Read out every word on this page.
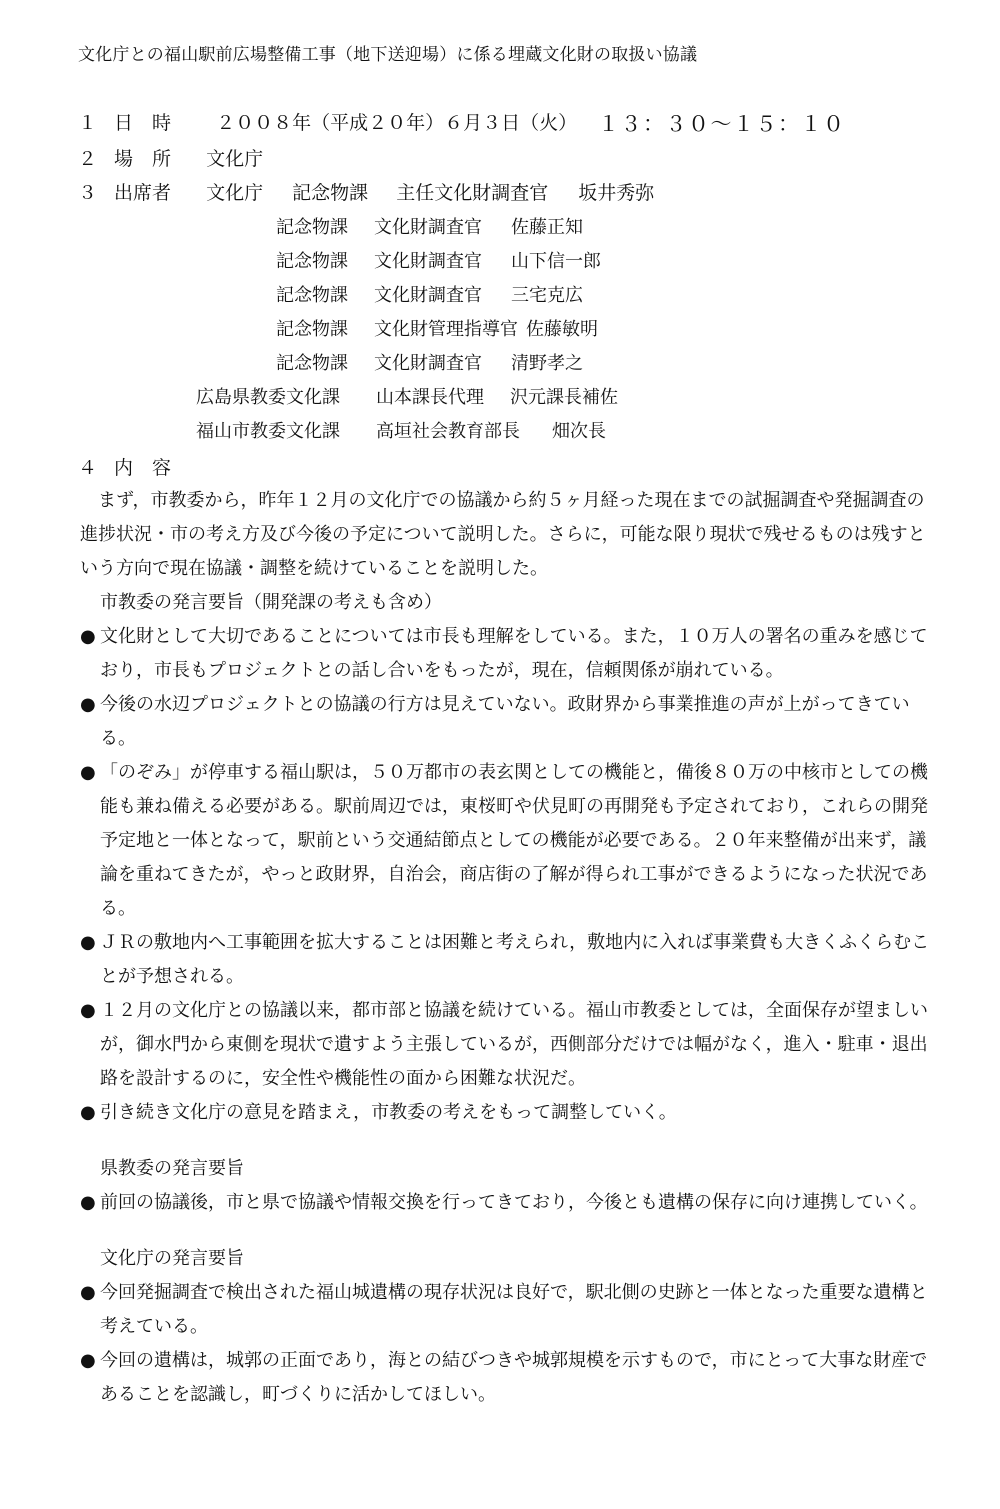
文化庁との福山駅前広場整備工事（地下送迎場）に係る埋蔵文化財の取扱い協議
１ 日　時 ２００８年（平成２０年）６月３日（火） １３：３０～１５：１０
２ 場　所 文化庁
３ 出席者 文化庁 記念物課 主任文化財調査官 坂井秀弥
記念物課 文化財調査官 佐藤正知
記念物課 文化財調査官 山下信一郎
記念物課 文化財調査官 三宅克広
記念物課 文化財管理指導官 佐藤敏明
記念物課 文化財調査官 清野孝之
広島県教委文化課 山本課長代理 沢元課長補佐
福山市教委文化課 高垣社会教育部長 畑次長
４ 内　容

まず，市教委から，昨年１２月の文化庁での協議から約５ヶ月経った現在までの試掘調査や発掘調査の進捗状況・市の考え方及び今後の予定について説明した。さらに，可能な限り現状で残せるものは残すという方向で現在協議・調整を続けていることを説明した。

市教委の発言要旨（開発課の考えも含め）

● 文化財として大切であることについては市長も理解をしている。また，１０万人の署名の重みを感じており，市長もプロジェクトとの話し合いをもったが，現在，信頼関係が崩れている。

● 今後の水辺プロジェクトとの協議の行方は見えていない。政財界から事業推進の声が上がってきている。

● 「のぞみ」が停車する福山駅は，５０万都市の表玄関としての機能と，備後８０万の中核市としての機能も兼ね備える必要がある。駅前周辺では，東桜町や伏見町の再開発も予定されており，これらの開発予定地と一体となって，駅前という交通結節点としての機能が必要である。２０年来整備が出来ず，議論を重ねてきたが，やっと政財界，自治会，商店街の了解が得られ工事ができるようになった状況である。

● ＪＲの敷地内へ工事範囲を拡大することは困難と考えられ，敷地内に入れば事業費も大きくふくらむことが予想される。

● １２月の文化庁との協議以来，都市部と協議を続けている。福山市教委としては，全面保存が望ましいが，御水門から東側を現状で遺すよう主張しているが，西側部分だけでは幅がなく，進入・駐車・退出路を設計するのに，安全性や機能性の面から困難な状況だ。

● 引き続き文化庁の意見を踏まえ，市教委の考えをもって調整していく。

県教委の発言要旨

● 前回の協議後，市と県で協議や情報交換を行ってきており，今後とも遺構の保存に向け連携していく。

文化庁の発言要旨

● 今回発掘調査で検出された福山城遺構の現存状況は良好で，駅北側の史跡と一体となった重要な遺構と考えている。

● 今回の遺構は，城郭の正面であり，海との結びつきや城郭規模を示すもので，市にとって大事な財産であることを認識し，町づくりに活かしてほしい。
